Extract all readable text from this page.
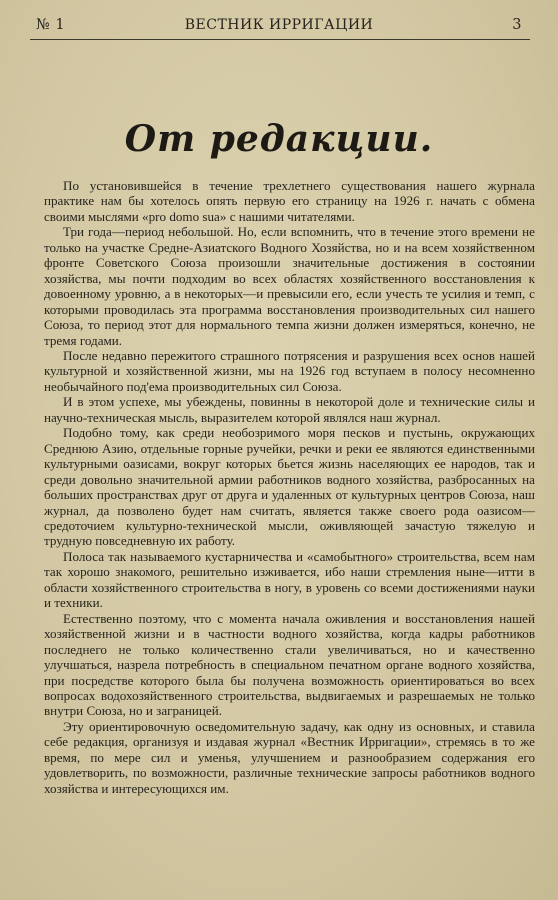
№ 1	ВЕСТНИК ИРРИГАЦИИ	3
От редакции.

По установившейся в течение трехлетнего существования нашего журнала практике нам бы хотелось опять первую его страницу на 1926 г. начать с обмена своими мыслями «pro domo sua» с нашими читателями.

Три года—период небольшой. Но, если вспомнить, что в течение этого времени не только на участке Средне-Азиатского Водного Хозяйства, но и на всем хозяйственном фронте Советского Союза произошли значительные достижения в состоянии хозяйства, мы почти подходим во всех областях хозяйственного восстановления к довоенному уровню, а в некоторых—и превысили его, если учесть те усилия и темп, с которыми проводилась эта программа восстановления производительных сил нашего Союза, то период этот для нормального темпа жизни должен измеряться, конечно, не тремя годами.

После недавно пережитого страшного потрясения и разрушения всех основ нашей культурной и хозяйственной жизни, мы на 1926 год вступаем в полосу несомненно необычайного под'ема производительных сил Союза.

И в этом успехе, мы убеждены, повинны в некоторой доле и технические силы и научно-техническая мысль, выразителем которой являлся наш журнал.

Подобно тому, как среди необозримого моря песков и пустынь, окружающих Среднюю Азию, отдельные горные ручейки, речки и реки ее являются единственными культурными оазисами, вокруг которых бьется жизнь населяющих ее народов, так и среди довольно значительной армии работников водного хозяйства, разбросанных на больших пространствах друг от друга и удаленных от культурных центров Союза, наш журнал, да позволено будет нам считать, является также своего рода оазисом—средоточием культурно-технической мысли, оживляющей зачастую тяжелую и трудную повседневную их работу.

Полоса так называемого кустарничества и «самобытного» строительства, всем нам так хорошо знакомого, решительно изживается, ибо наши стремления ныне—итти в области хозяйственного строительства в ногу, в уровень со всеми достижениями науки и техники.

Естественно поэтому, что с момента начала оживления и восстановления нашей хозяйственной жизни и в частности водного хозяйства, когда кадры работников последнего не только количественно стали увеличиваться, но и качественно улучшаться, назрела потребность в специальном печатном органе водного хозяйства, при посредстве которого была бы получена возможность ориентироваться во всех вопросах водохозяйственного строительства, выдвигаемых и разрешаемых не только внутри Союза, но и заграницей.

Эту ориентировочную осведомительную задачу, как одну из основных, и ставила себе редакция, организуя и издавая журнал «Вестник Ирригации», стремясь в то же время, по мере сил и уменья, улучшением и разнообразием содержания его удовлетворить, по возможности, различные технические запросы работников водного хозяйства и интересующихся им.
